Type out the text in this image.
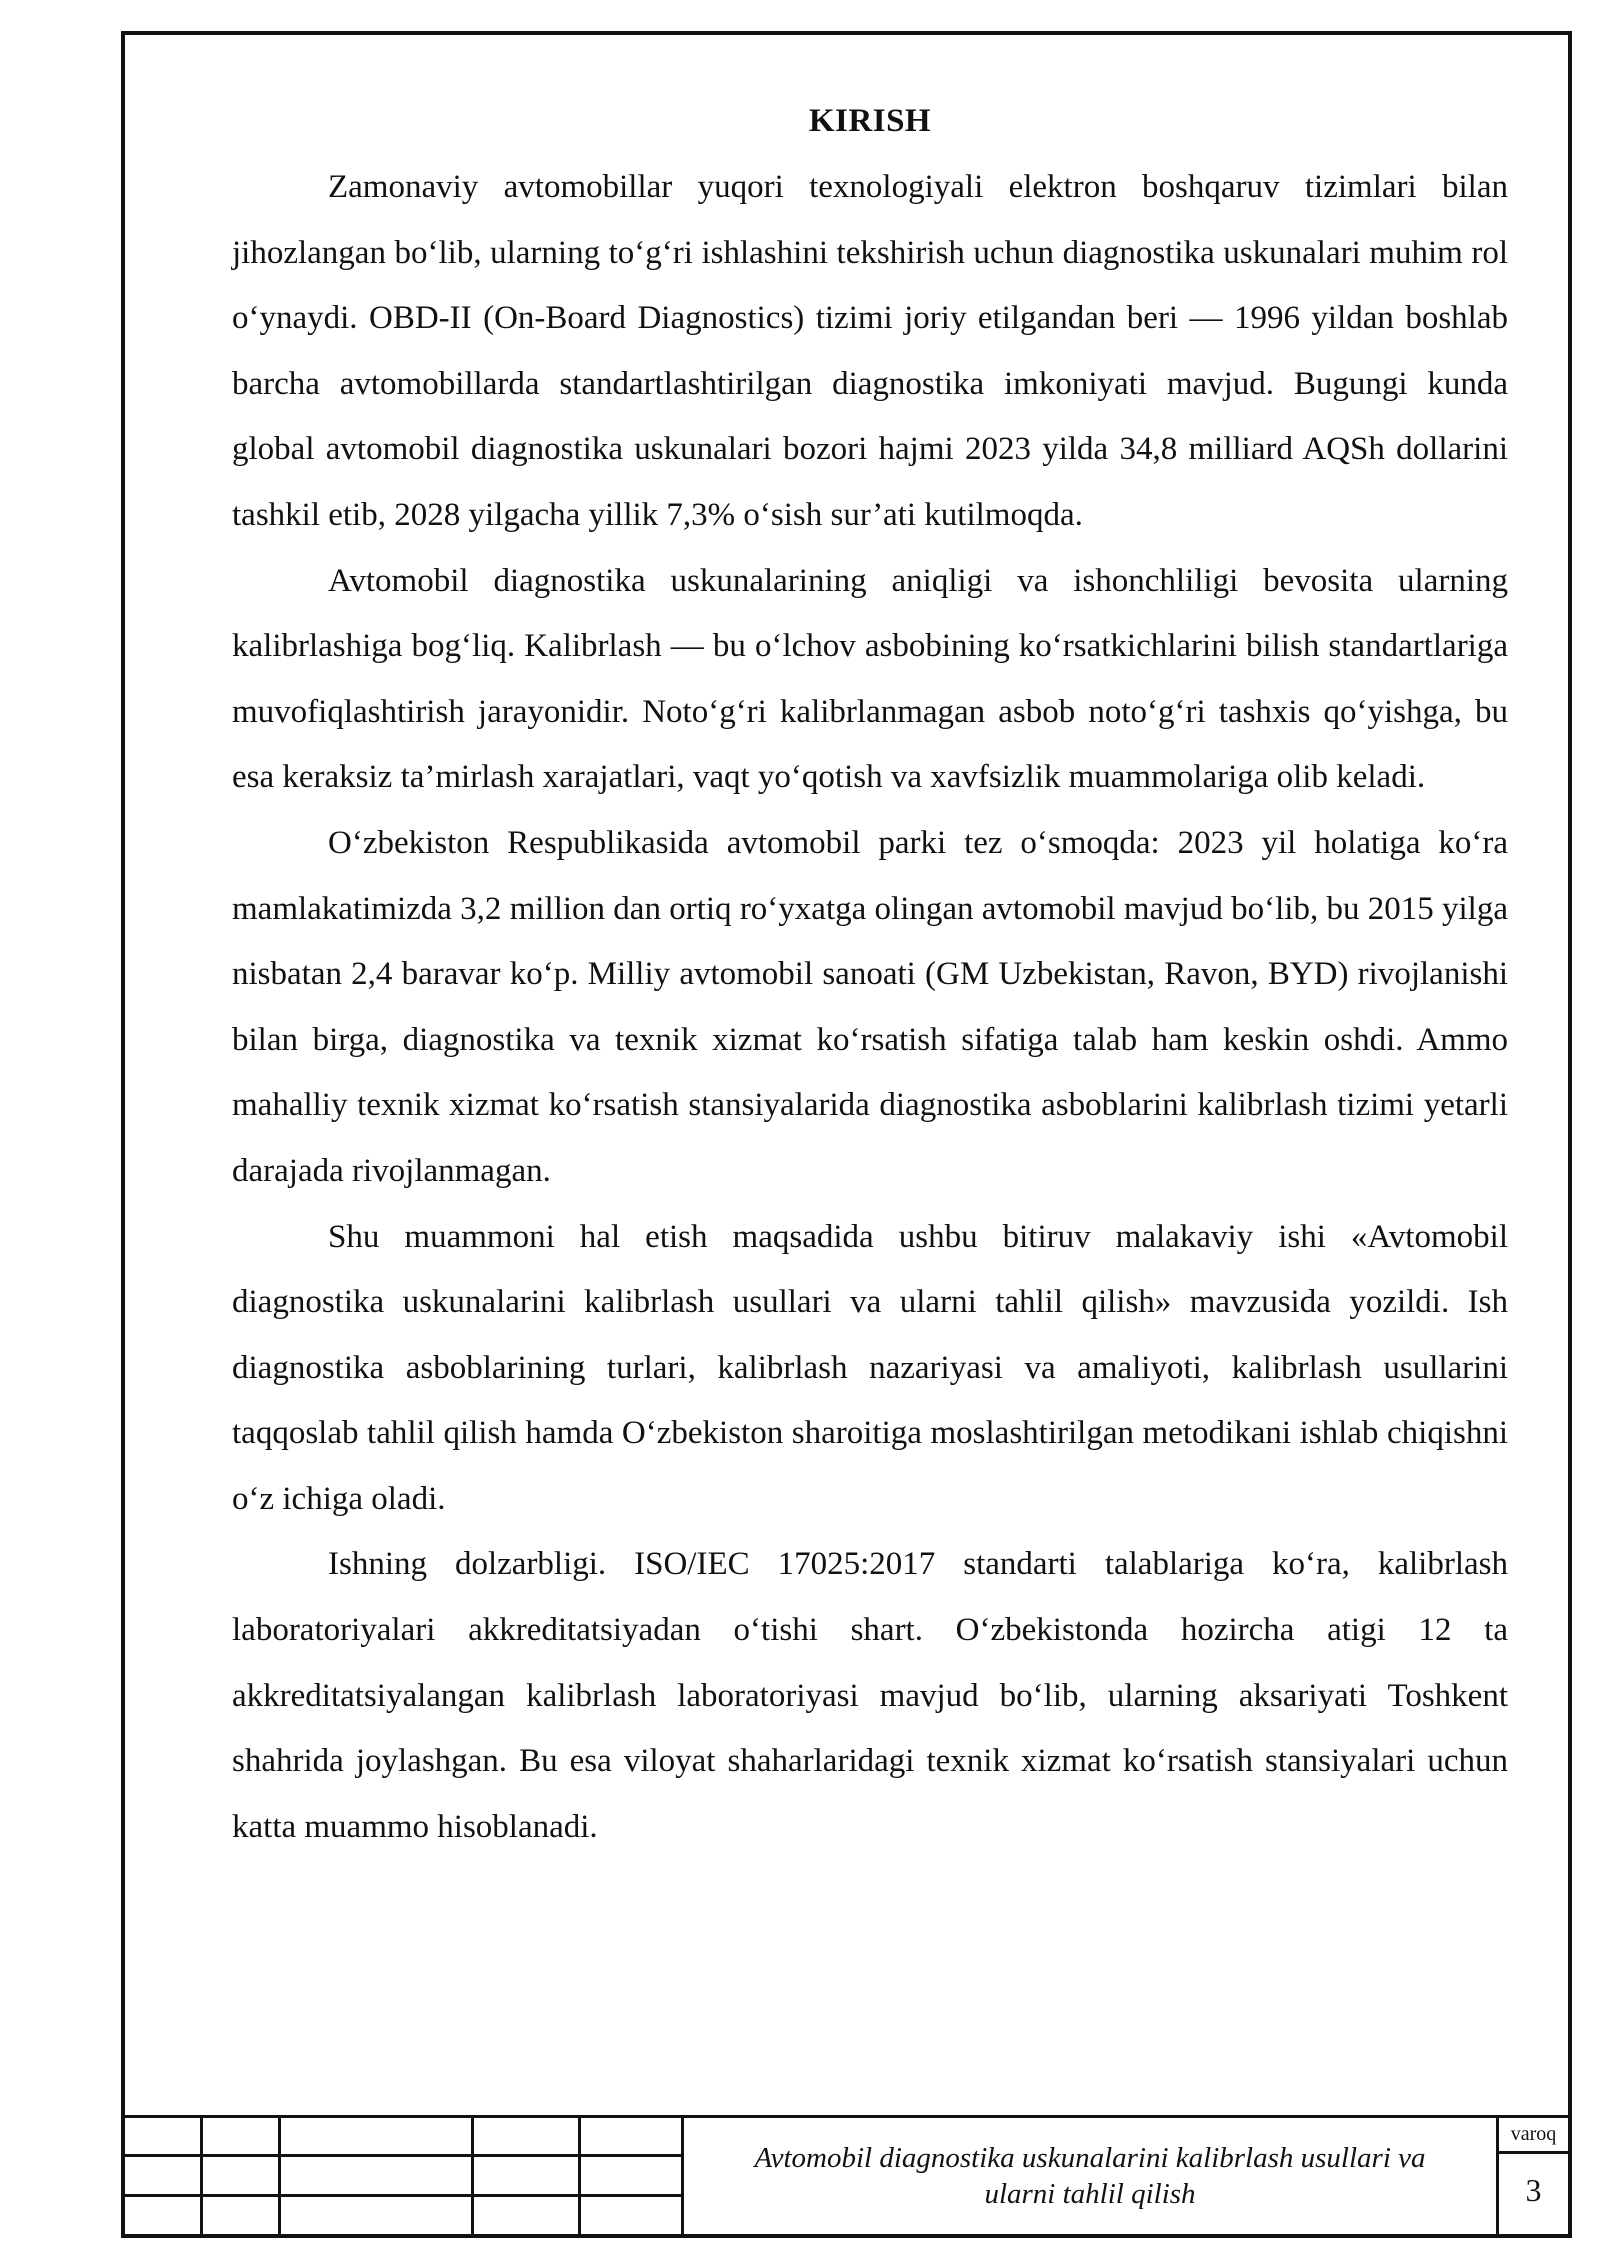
KIRISH

Zamonaviy avtomobillar yuqori texnologiyali elektron boshqaruv tizimlari bilan jihozlangan bo‘lib, ularning to‘g‘ri ishlashini tekshirish uchun diagnostika uskunalari muhim rol o‘ynaydi. OBD-II (On-Board Diagnostics) tizimi joriy etilgandan beri — 1996 yildan boshlab barcha avtomobillarda standartlashtirilgan diagnostika imkoniyati mavjud. Bugungi kunda global avtomobil diagnostika uskunalari bozori hajmi 2023 yilda 34,8 milliard AQSh dollarini tashkil etib, 2028 yilgacha yillik 7,3% o‘sish sur’ati kutilmoqda.

Avtomobil diagnostika uskunalarining aniqligi va ishonchliligi bevosita ularning kalibrlashiga bog‘liq. Kalibrlash — bu o‘lchov asbobining ko‘rsatkichlarini bilish standartlariga muvofiqlashtirish jarayonidir. Noto‘g‘ri kalibrlanmagan asbob noto‘g‘ri tashxis qo‘yishga, bu esa keraksiz ta’mirlash xarajatlari, vaqt yo‘qotish va xavfsizlik muammolariga olib keladi.

O‘zbekiston Respublikasida avtomobil parki tez o‘smoqda: 2023 yil holatiga ko‘ra mamlakatimizda 3,2 million dan ortiq ro‘yxatga olingan avtomobil mavjud bo‘lib, bu 2015 yilga nisbatan 2,4 baravar ko‘p. Milliy avtomobil sanoati (GM Uzbekistan, Ravon, BYD) rivojlanishi bilan birga, diagnostika va texnik xizmat ko‘rsatish sifatiga talab ham keskin oshdi. Ammo mahalliy texnik xizmat ko‘rsatish stansiyalarida diagnostika asboblarini kalibrlash tizimi yetarli darajada rivojlanmagan.

Shu muammoni hal etish maqsadida ushbu bitiruv malakaviy ishi «Avtomobil diagnostika uskunalarini kalibrlash usullari va ularni tahlil qilish» mavzusida yozildi. Ish diagnostika asboblarining turlari, kalibrlash nazariyasi va amaliyoti, kalibrlash usullarini taqqoslab tahlil qilish hamda O‘zbekiston sharoitiga moslashtirilgan metodikani ishlab chiqishni o‘z ichiga oladi.

Ishning dolzarbligi. ISO/IEC 17025:2017 standarti talablariga ko‘ra, kalibrlash laboratoriyalari akkreditatsiyadan o‘tishi shart. O‘zbekistonda hozircha atigi 12 ta akkreditatsiyalangan kalibrlash laboratoriyasi mavjud bo‘lib, ularning aksariyati Toshkent shahrida joylashgan. Bu esa viloyat shaharlaridagi texnik xizmat ko‘rsatish stansiyalari uchun katta muammo hisoblanadi.

Avtomobil diagnostika uskunalarini kalibrlash usullari va
ularni tahlil qilish
varoq
3
